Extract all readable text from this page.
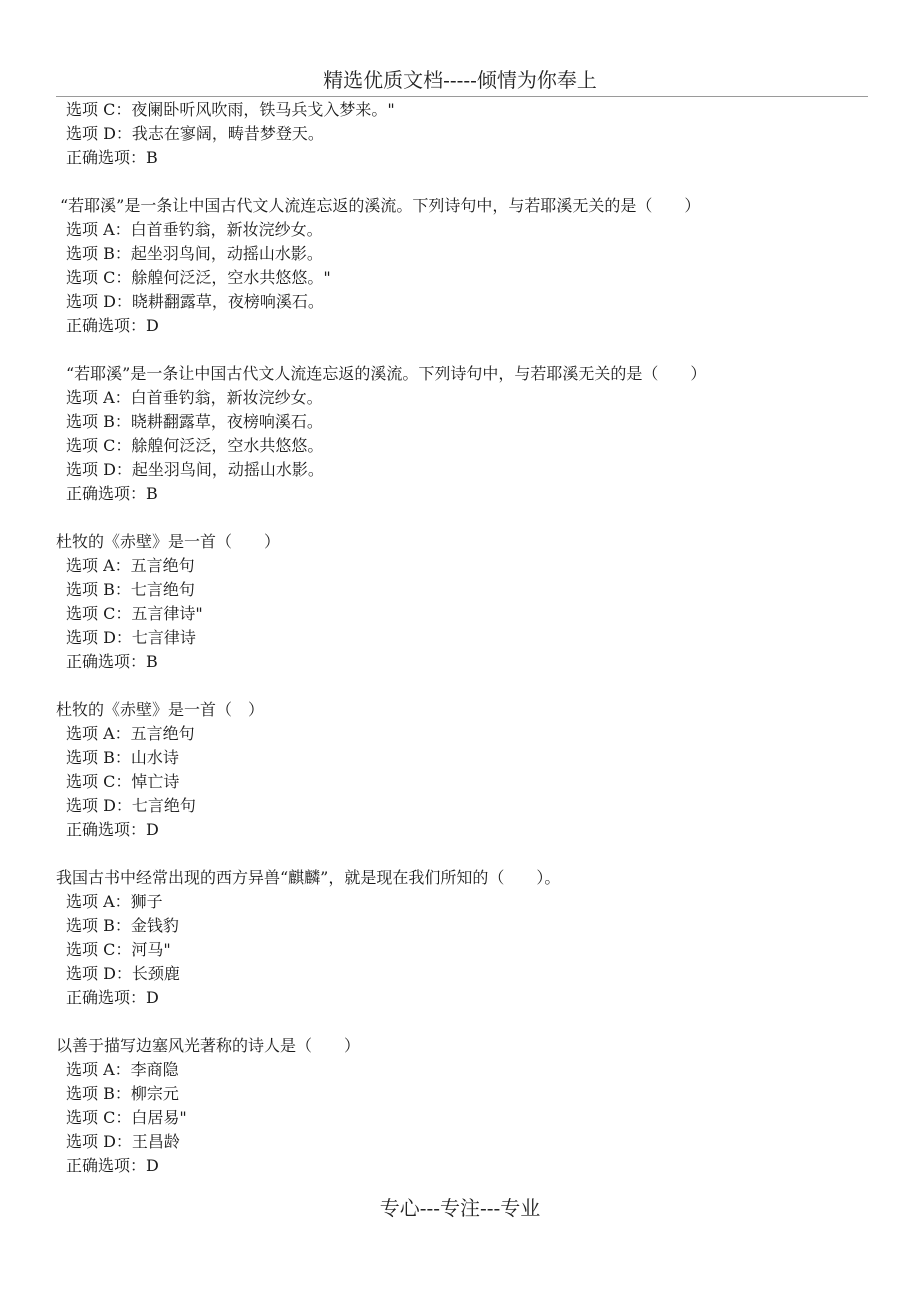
精选优质文档-----倾情为你奉上
选项 C：夜阑卧听风吹雨，铁马兵戈入梦来。"
选项 D：我志在寥阔，畴昔梦登天。
正确选项：B
“若耶溪”是一条让中国古代文人流连忘返的溪流。下列诗句中，与若耶溪无关的是（　　）
选项 A：白首垂钓翁，新妆浣纱女。
选项 B：起坐羽鸟间，动摇山水影。
选项 C：艅艎何泛泛，空水共悠悠。"
选项 D：晓耕翻露草，夜榜响溪石。
正确选项：D
“若耶溪”是一条让中国古代文人流连忘返的溪流。下列诗句中，与若耶溪无关的是（　　）
选项 A：白首垂钓翁，新妆浣纱女。
选项 B：晓耕翻露草，夜榜响溪石。
选项 C：艅艎何泛泛，空水共悠悠。
选项 D：起坐羽鸟间，动摇山水影。
正确选项：B
杜牧的《赤壁》是一首（　　）
选项 A：五言绝句
选项 B：七言绝句
选项 C：五言律诗"
选项 D：七言律诗
正确选项：B
杜牧的《赤壁》是一首（　）
选项 A：五言绝句
选项 B：山水诗
选项 C：悼亡诗
选项 D：七言绝句
正确选项：D
我国古书中经常出现的西方异兽“麒麟”，就是现在我们所知的（　　）。
选项 A：狮子
选项 B：金钱豹
选项 C：河马"
选项 D：长颈鹿
正确选项：D
以善于描写边塞风光著称的诗人是（　　）
选项 A：李商隐
选项 B：柳宗元
选项 C：白居易"
选项 D：王昌龄
正确选项：D
专心---专注---专业
